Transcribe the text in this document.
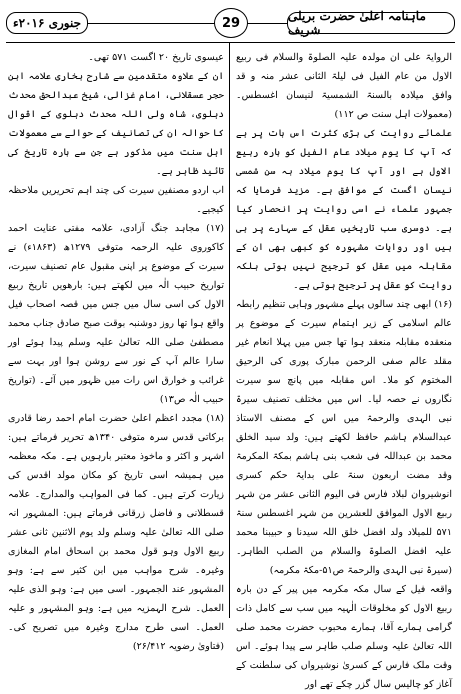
جنوری ۲۰۱۶ء	29	ماہنامہ اعلیٰ حضرت بریلی شریف

الروایۃ علی ان مولدہ علیہ الصلوۃ والسلام فی ربیع الاول من عام الفیل فی لیلۃ الثانی عشر منہ و قد وافق میلادہ بالسنۃ الشمسیۃ لنیسان اغسطس۔ (معمولات اہل سنت ص ۱۱۲)

علمائے روایت کی بڑی کثرت اس بات پر ہے کہ آپ کا یوم میلاد عام الفیل کو بارہ ربیع الاول ہے اور آپ کا یوم میلاد بہ سن شمسی نیسان اگست کے موافق ہے۔ مزید فرمایا کہ جمہور علماء نے اسی روایت پر انحصار کیا ہے۔ دوسری سب تاریخیں عقل کے سہارے پر ہی ہیں اور روایات مشہورہ کو کبھی بھی ان کے مقابلہ میں عقل کو ترجیح نہیں ہوتی بلکہ روایت کو عقل پر ترجیح ہوتی ہے۔

(۱۶) ابھی چند سالوں پہلے مشہور وہابی تنظیم رابطہ عالم اسلامی کے زیر اہتمام سیرت کے موضوع پر منعقدہ مقابلہ منعقد ہوا تھا جس میں پہلا انعام غیر مقلد عالم صفی الرحمن مبارک پوری کی الرحیق المختوم کو ملا۔ اس مقابلہ میں پانچ سو سیرت نگاروں نے حصہ لیا۔ اس میں مختلف تصنیف سیرۃ نبی الہدی والرحمۃ میں اس کے مصنف الاستاذ عبدالسلام ہاشم حافظ لکھتے ہیں: ولد سید الخلق محمد بن عبداللہ فی شعب بنی ہاشم بمکۃ المکرمۃ وقد مضت اربعون سنۃ علی بدایۃ حکم کسری انوشیروان لبلاد فارس فی الیوم الثانی عشر من شہر ربیع الاول الموافق للعشرین من شہر اغسطس سنۃ ۵۷۱ للمیلاد ولد افضل خلق اللہ سیدنا و حبیبنا محمد علیہ افضل الصلوۃ والسلام من الصلب الطاہر۔ (سیرۃ نبی الہدی والرحمۃ ص۵۱-مکۃ مکرمہ)

واقعہ فیل کے سال مکہ مکرمہ میں پیر کے دن بارہ ربیع الاول کو مخلوقات الٰہیہ میں سب سے کامل ذات گرامی ہمارے آقا، ہمارے محبوب حضرت محمد صلی اللہ تعالیٰ علیہ وسلم صلب طاہر سے پیدا ہوئے۔ اس وقت ملک فارس کے کسریٰ نوشیرواں کی سلطنت کے آغاز کو چالیس سال گزر چکے تھے اور

عیسوی تاریخ ۲۰ اگست ۵۷۱ تھی۔

ان کے علاوہ متقدمین سے شارح بخاری علامہ ابن حجر عسقلانی، امام غزالی، شیخ عبدالحق محدث دہلوی، شاہ ولی اللہ محدث دہلوی کے اقوال کا حوالہ ان کی تصانیف کے حوالے سے معمولات اہل سنت میں مذکور ہے جن سے بارہ تاریخ کی تائید ظاہر ہے۔

اب اردو مصنفین سیرت کی چند اہم تحریریں ملاحظہ کیجیے۔

(۱۷) مجاہد جنگ آزادی، علامہ مفتی عنایت احمد کاکوروی علیہ الرحمہ متوفی ۱۲۷۹ھ (۱۸۶۳ء) نے سیرت کے موضوع پر اپنی مقبول عام تصنیف سیرت، تواریخ حبیب الٰہ میں لکھتے ہیں: بارھویں تاریخ ربیع الاول کی اسی سال میں جس میں قصہ اصحاب فیل واقع ہوا تھا روز دوشنبہ بوقت صبح صادق جناب محمد مصطفیٰ صلی اللہ تعالیٰ علیہ وسلم پیدا ہوئے اور سارا عالم آپ کے نور سے روشن ہوا اور بہت سے غرائب و خوارق اس رات میں ظہور میں آئے۔ (تواریخ حبیب الٰہ ص۱۳)

(۱۸) مجدد اعظم اعلیٰ حضرت امام احمد رضا قادری برکاتی قدس سرہ متوفی ۱۳۴۰ھ تحریر فرماتے ہیں: اشہر و اکثر و ماخوذ معتبر بارہویں ہے۔ مکہ معظمہ میں ہمیشہ اسی تاریخ کو مکان مولد اقدس کی زیارت کرتے ہیں۔ کما فی المواہب والمدارج۔ علامہ قسطلانی و فاضل زرقانی فرماتے ہیں: المشہور انہ صلی اللہ تعالیٰ علیہ وسلم ولد یوم الاثنین ثانی عشر ربیع الاول وہو قول محمد بن اسحاق امام المغازی وغیرہ۔ شرح مواہب میں ابن کثیر سے ہے: وہو المشہور عند الجمہور۔ اسی میں ہے: وہو الذی علیہ العمل۔ شرح الہمزیہ میں ہے: وہو المشہور و علیہ العمل۔ اسی طرح مدارج وغیرہ میں تصریح کی۔ (فتاویٰ رضویہ ۲۶/۴۱۲)
